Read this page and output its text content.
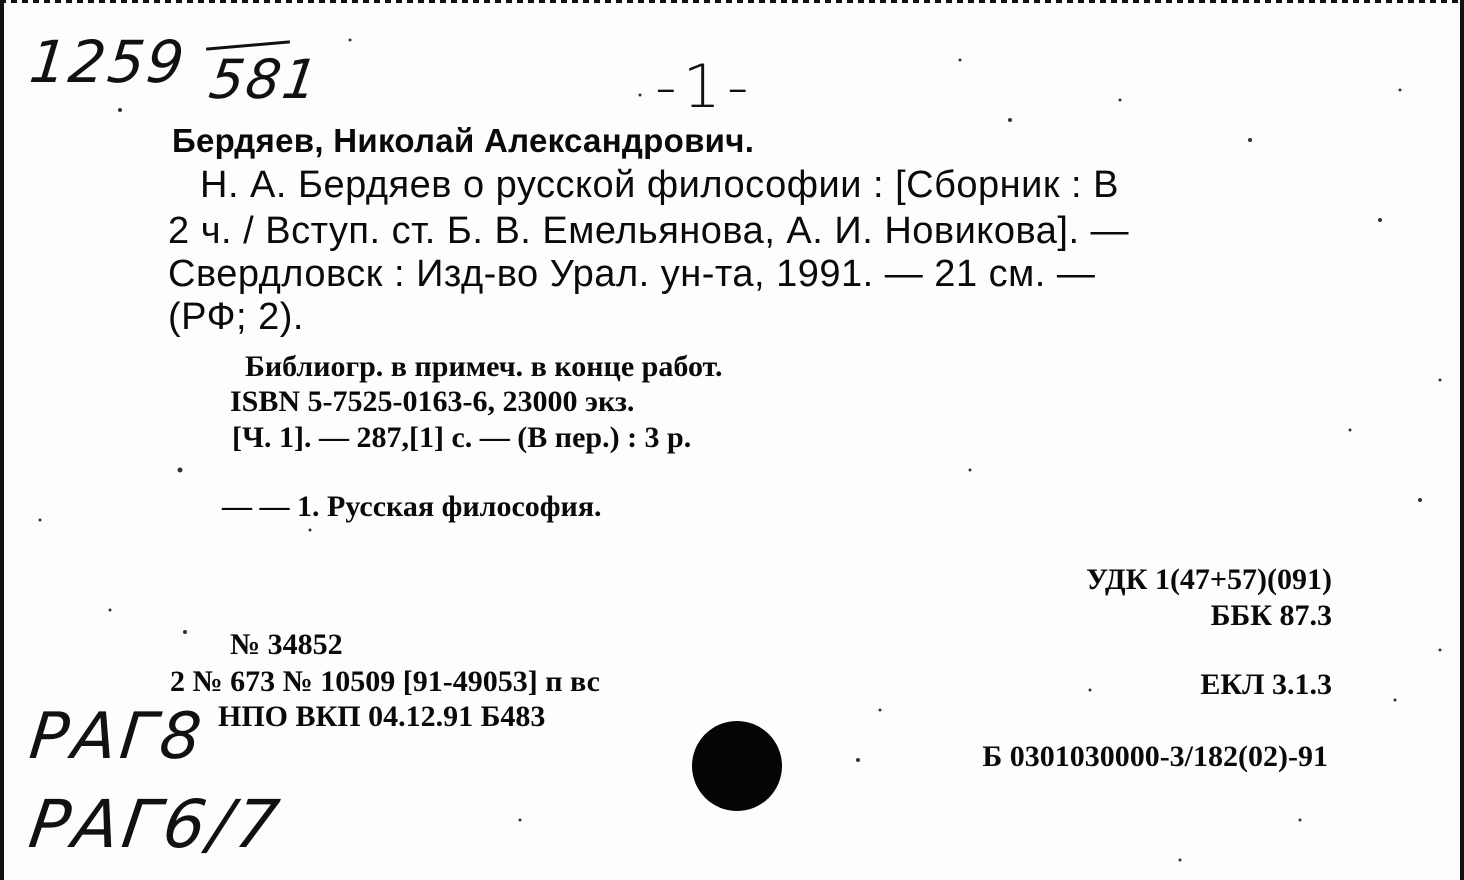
1259 581	-1-
Бердяев, Николай Александрович.
Н. А. Бердяев о русской философии : [Сборник : В
2 ч. / Вступ. ст. Б. В. Емельянова, А. И. Новикова]. —
Свердловск : Изд-во Урал. ун-та, 1991. — 21 см. —
(РФ; 2).
Библиогр. в примеч. в конце работ.
ISBN 5-7525-0163-6, 23000 экз.
[Ч. 1]. — 287,[1] с. — (В пер.) : 3 р.
— — 1. Русская философия.
УДК 1(47+57)(091)
ББК 87.3
ЕКЛ 3.1.3
Б 0301030000-3/182(02)-91
№ 34852
2 № 673 № 10509 [91-49053] п вс
НПО ВКП 04.12.91 Б483
РАГ8
РАГ6/7
